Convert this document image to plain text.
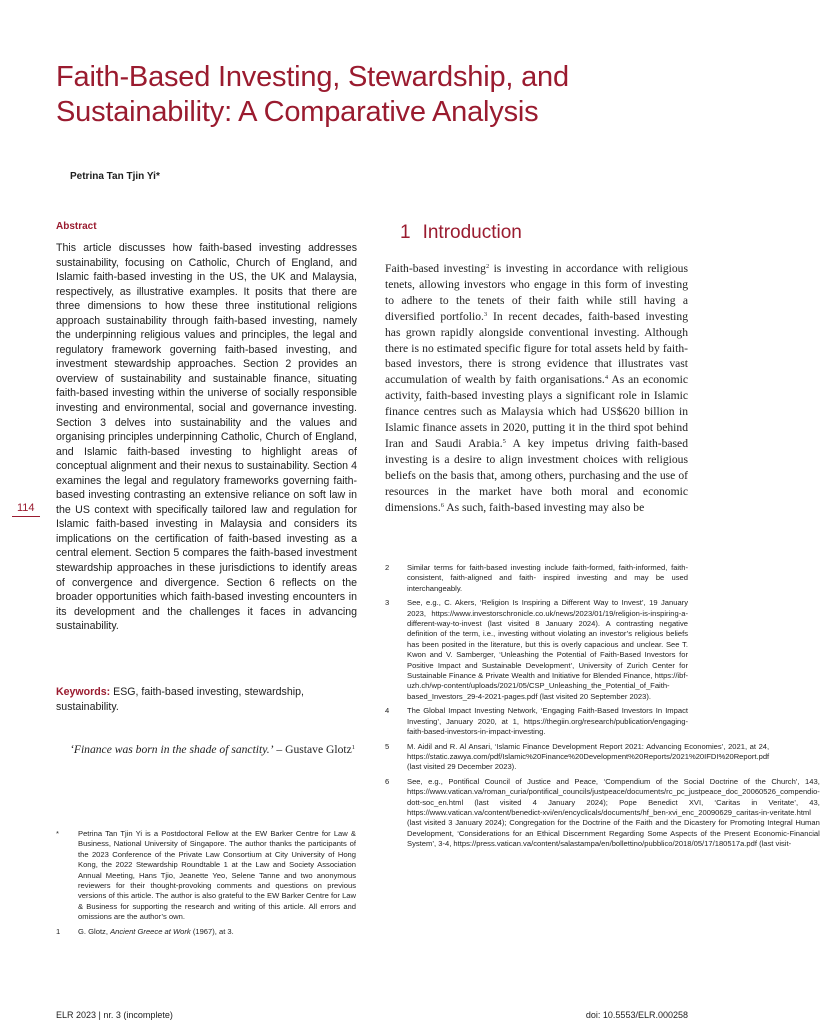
Faith-Based Investing, Stewardship, and Sustainability: A Comparative Analysis
Petrina Tan Tjin Yi*
Abstract

This article discusses how faith-based investing addresses sustainability, focusing on Catholic, Church of England, and Islamic faith-based investing in the US, the UK and Malaysia, respectively, as illustrative examples. It posits that there are three dimensions to how these three institutional religions approach sustainability through faith-based investing, namely the underpinning religious values and principles, the legal and regulatory framework governing faith-based investing, and investment stewardship approaches. Section 2 provides an overview of sustainability and sustainable finance, situating faith-based investing within the universe of socially responsible investing and environmental, social and governance investing. Section 3 delves into sustainability and the values and organising principles underpinning Catholic, Church of England, and Islamic faith-based investing to highlight areas of conceptual alignment and their nexus to sustainability. Section 4 examines the legal and regulatory frameworks governing faith-based investing contrasting an extensive reliance on soft law in the US context with specifically tailored law and regulation for Islamic faith-based investing in Malaysia and considers its implications on the certification of faith-based investing as a central element. Section 5 compares the faith-based investment stewardship approaches in these jurisdictions to identify areas of convergence and divergence. Section 6 reflects on the broader opportunities which faith-based investing encounters in its development and the challenges it faces in advancing sustainability.

Keywords: ESG, faith-based investing, stewardship, sustainability.

‘Finance was born in the shade of sanctity.’ – Gustave Glotz$^1$

*	Petrina Tan Tjin Yi is a Postdoctoral Fellow at the EW Barker Centre for Law & Business, National University of Singapore. The author thanks the participants of the 2023 Conference of the Private Law Consortium at City University of Hong Kong, the 2022 Stewardship Roundtable 1 at the Law and Society Association Annual Meeting, Hans Tjio, Jeanette Yeo, Selene Tanne and two anonymous reviewers for their thought-provoking comments and questions on previous versions of this article. The author is also grateful to the EW Barker Centre for Law & Business for supporting the research and writing of this article. All errors and omissions are the author’s own.
1	G. Glotz, Ancient Greece at Work (1967), at 3.
114
1 Introduction

Faith-based investing$^2$ is investing in accordance with religious tenets, allowing investors who engage in this form of investing to adhere to the tenets of their faith while still having a diversified portfolio.$^3$ In recent decades, faith-based investing has grown rapidly alongside conventional investing. Although there is no estimated specific figure for total assets held by faith-based investors, there is strong evidence that illustrates vast accumulation of wealth by faith organisations.$^4$ As an economic activity, faith-based investing plays a significant role in Islamic finance centres such as Malaysia which had US$620 billion in Islamic finance assets in 2020, putting it in the third spot behind Iran and Saudi Arabia.$^5$ A key impetus driving faith-based investing is a desire to align investment choices with religious beliefs on the basis that, among others, purchasing and the use of resources in the market have both moral and economic dimensions.$^6$ As such, faith-based investing may also be

2	Similar terms for faith-based investing include faith-formed, faith-informed, faith-consistent, faith-aligned and faith- inspired investing and may be used interchangeably.
3	See, e.g., C. Akers, ‘Religion Is Inspiring a Different Way to Invest’, 19 January 2023, https://www.investorschronicle.co.uk/news/2023/01/19/religion-is-inspiring-a-different-way-to-invest (last visited 8 January 2024). A contrasting negative definition of the term, i.e., investing without violating an investor’s religious beliefs has been posited in the literature, but this is overly capacious and unclear. See T. Kwon and V. Samberger, ‘Unleashing the Potential of Faith-Based Investors for Positive Impact and Sustainable Development’, University of Zurich Center for Sustainable Finance & Private Wealth and Initiative for Blended Finance, https://ibf-uzh.ch/wp-content/uploads/2021/05/CSP_Unleashing_the_Potential_of_Faith-based_Investors_29-4-2021-pages.pdf (last visited 20 September 2023).
4	The Global Impact Investing Network, ‘Engaging Faith-Based Investors In Impact Investing’, January 2020, at 1, https://thegiin.org/research/publication/engaging-faith-based-investors-in-impact-investing.
5	M. Aidil and R. Al Ansari, ‘Islamic Finance Development Report 2021: Advancing Economies’, 2021, at 24, https://static.zawya.com/pdf/Islamic%20Finance%20Development%20Reports/2021%20IFDI%20Report.pdf (last visited 29 December 2023).
6	See, e.g., Pontifical Council of Justice and Peace, ‘Compendium of the Social Doctrine of the Church’, 143, https://www.vatican.va/roman_curia/pontifical_councils/justpeace/documents/rc_pc_justpeace_doc_20060526_compendio-dott-soc_en.html (last visited 4 January 2024); Pope Benedict XVI, ‘Caritas in Veritate’, 43, https://www.vatican.va/content/benedict-xvi/en/encyclicals/documents/hf_ben-xvi_enc_20090629_caritas-in-veritate.html (last visited 3 January 2024); Congregation for the Doctrine of the Faith and the Dicastery for Promoting Integral Human Development, ‘Considerations for an Ethical Discernment Regarding Some Aspects of the Present Economic-Financial System’, 3-4, https://press.vatican.va/content/salastampa/en/bollettino/pubblico/2018/05/17/180517a.pdf (last visit-
ELR 2023 | nr. 3 (incomplete)	doi: 10.5553/ELR.000258
